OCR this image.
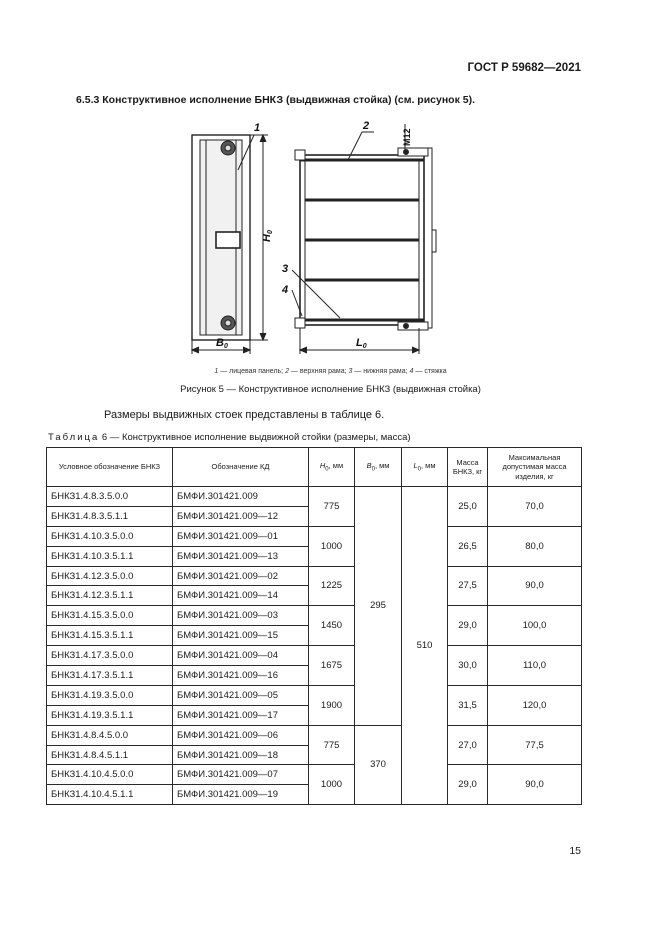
ГОСТ Р 59682—2021
6.5.3 Конструктивное исполнение БНКЗ (выдвижная стойка) (см. рисунок 5).
1	2
3
4
H0
B0	L0
M12
1 — лицевая панель; 2 — верхняя рама; 3 — нижняя рама; 4 — стяжка
Рисунок 5 — Конструктивное исполнение БНКЗ (выдвижная стойка)
Размеры выдвижных стоек представлены в таблице 6.
Таблица 6 — Конструктивное исполнение выдвижной стойки (размеры, масса)
Условное обозначение БНКЗ	Обозначение КД	$H_0$, мм	$B_0$, мм	$L_0$, мм	Масса БНКЗ, кг	Максимальная допустимая масса изделия, кг
БНКЗ1.4.8.3.5.0.0	БМФИ.301421.009	775	295	510	25,0	70,0
БНКЗ1.4.8.3.5.1.1	БМФИ.301421.009—12					
БНКЗ1.4.10.3.5.0.0	БМФИ.301421.009—01	1000			26,5	80,0
БНКЗ1.4.10.3.5.1.1	БМФИ.301421.009—13					
БНКЗ1.4.12.3.5.0.0	БМФИ.301421.009—02	1225			27,5	90,0
БНКЗ1.4.12.3.5.1.1	БМФИ.301421.009—14					
БНКЗ1.4.15.3.5.0.0	БМФИ.301421.009—03	1450			29,0	100,0
БНКЗ1.4.15.3.5.1.1	БМФИ.301421.009—15					
БНКЗ1.4.17.3.5.0.0	БМФИ.301421.009—04	1675			30,0	110,0
БНКЗ1.4.17.3.5.1.1	БМФИ.301421.009—16					
БНКЗ1.4.19.3.5.0.0	БМФИ.301421.009—05	1900			31,5	120,0
БНКЗ1.4.19.3.5.1.1	БМФИ.301421.009—17					
БНКЗ1.4.8.4.5.0.0	БМФИ.301421.009—06	775	370		27,0	77,5
БНКЗ1.4.8.4.5.1.1	БМФИ.301421.009—18					
БНКЗ1.4.10.4.5.0.0	БМФИ.301421.009—07	1000			29,0	90,0
БНКЗ1.4.10.4.5.1.1	БМФИ.301421.009—19					
15
